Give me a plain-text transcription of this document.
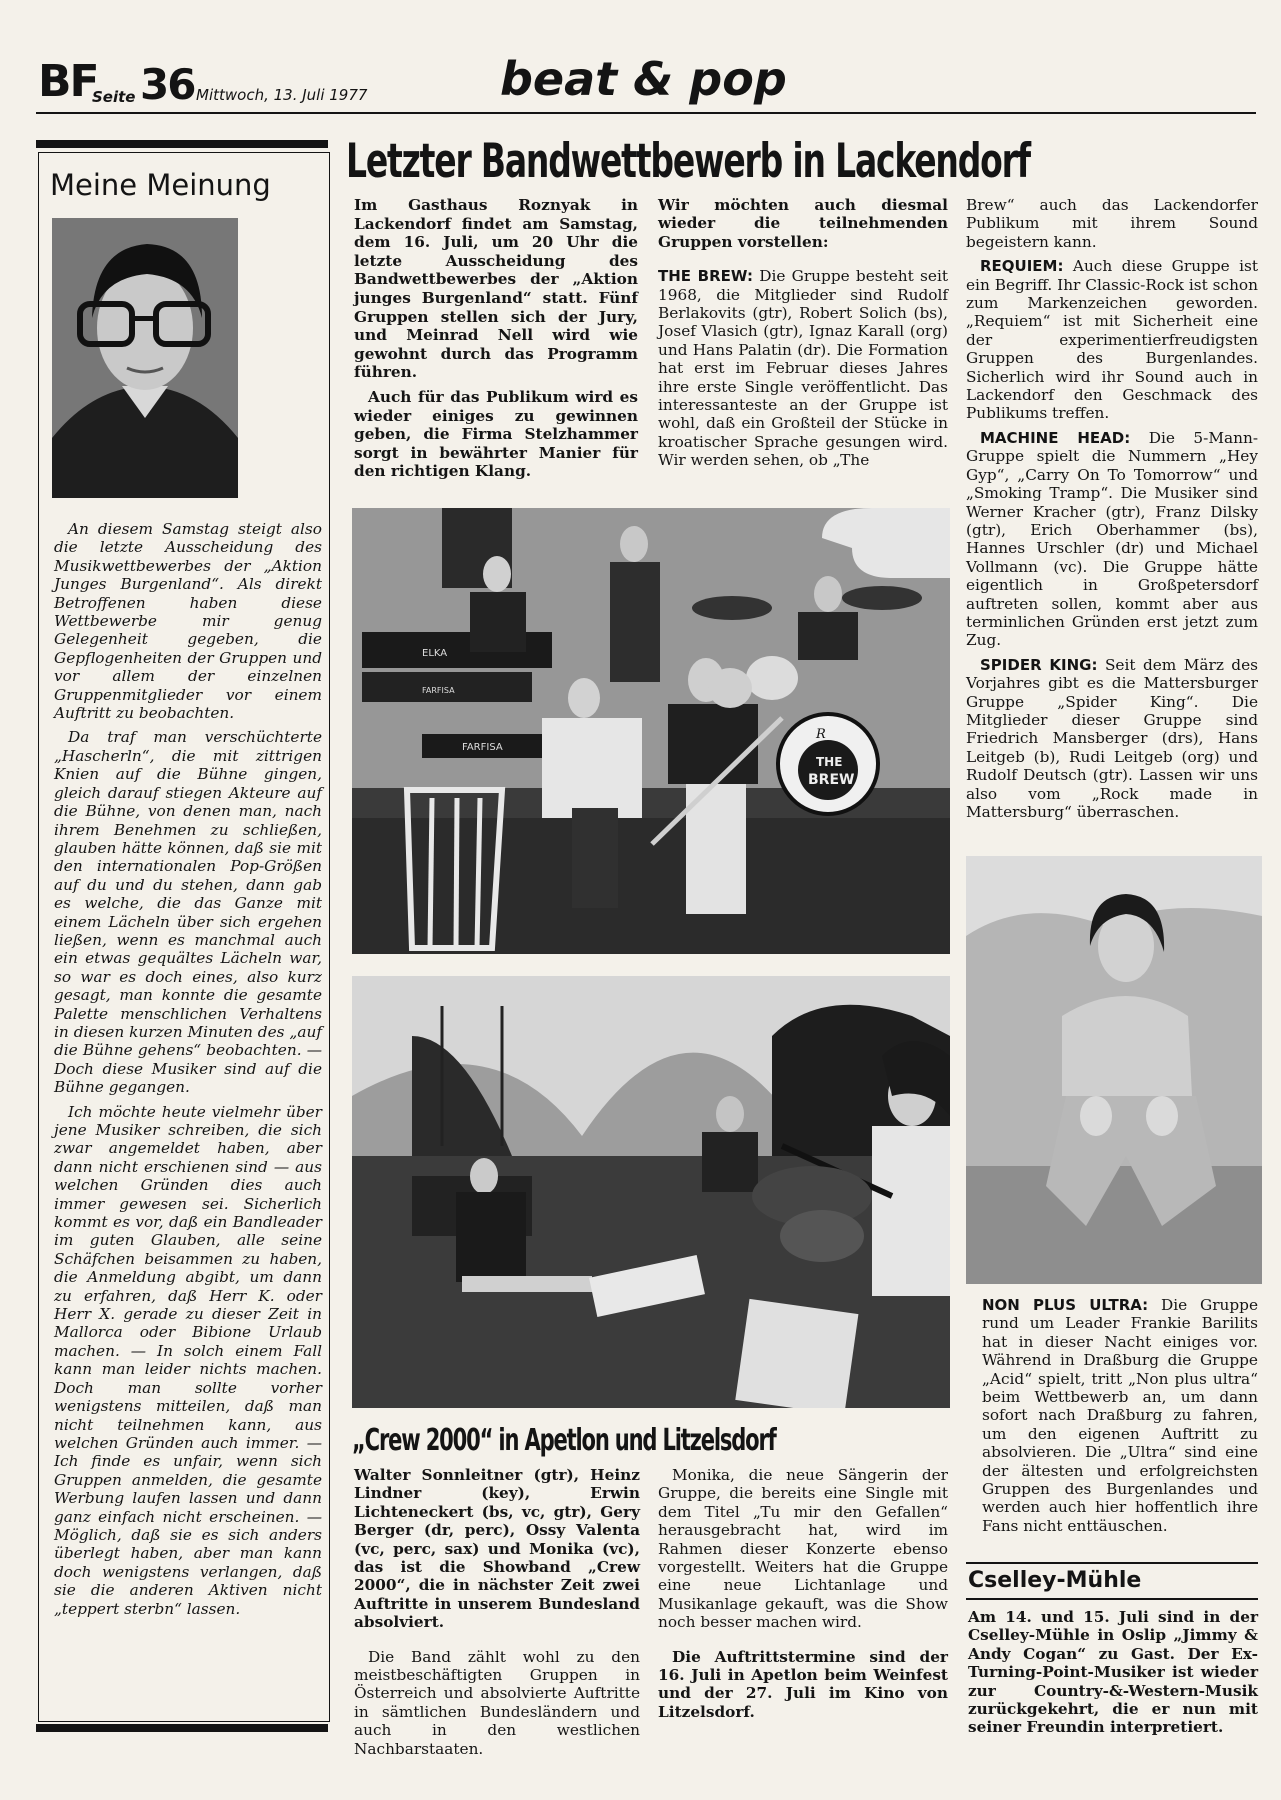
BF
Seite 36 Mittwoch, 13. Juli 1977	beat & pop
Meine Meinung

An diesem Samstag steigt also die letzte Ausscheidung des Musikwettbewerbes der „Aktion Junges Burgenland“. Als direkt Betroffenen haben diese Wettbewerbe mir genug Gelegenheit gegeben, die Gepflogenheiten der Gruppen und vor allem der einzelnen Gruppenmitglieder vor einem Auftritt zu beobachten.

Da traf man verschüchterte „Hascherln“, die mit zittrigen Knien auf die Bühne gingen, gleich darauf stiegen Akteure auf die Bühne, von denen man, nach ihrem Benehmen zu schließen, glauben hätte können, daß sie mit den internationalen Pop-Größen auf du und du stehen, dann gab es welche, die das Ganze mit einem Lächeln über sich ergehen ließen, wenn es manchmal auch ein etwas gequältes Lächeln war, so war es doch eines, also kurz gesagt, man konnte die gesamte Palette menschlichen Verhaltens in diesen kurzen Minuten des „auf die Bühne gehens“ beobachten. — Doch diese Musiker sind auf die Bühne gegangen.

Ich möchte heute vielmehr über jene Musiker schreiben, die sich zwar angemeldet haben, aber dann nicht erschienen sind — aus welchen Gründen dies auch immer gewesen sei. Sicherlich kommt es vor, daß ein Bandleader im guten Glauben, alle seine Schäfchen beisammen zu haben, die Anmeldung abgibt, um dann zu erfahren, daß Herr K. oder Herr X. gerade zu dieser Zeit in Mallorca oder Bibione Urlaub machen. — In solch einem Fall kann man leider nichts machen. Doch man sollte vorher wenigstens mitteilen, daß man nicht teilnehmen kann, aus welchen Gründen auch immer. — Ich finde es unfair, wenn sich Gruppen anmelden, die gesamte Werbung laufen lassen und dann ganz einfach nicht erscheinen. — Möglich, daß sie es sich anders überlegt haben, aber man kann doch wenigstens verlangen, daß sie die anderen Aktiven nicht „teppert sterbn“ lassen.

Letzter Bandwettbewerb in Lackendorf

Im Gasthaus Roznyak in Lackendorf findet am Samstag, dem 16. Juli, um 20 Uhr die letzte Ausscheidung des Bandwettbewerbes der „Aktion junges Burgenland“ statt. Fünf Gruppen stellen sich der Jury, und Meinrad Nell wird wie gewohnt durch das Programm führen.

Auch für das Publikum wird es wieder einiges zu gewinnen geben, die Firma Stelzhammer sorgt in bewährter Manier für den richtigen Klang.

Wir möchten auch diesmal wieder die teilnehmenden Gruppen vorstellen:

THE BREW: Die Gruppe besteht seit 1968, die Mitglieder sind Rudolf Berlakovits (gtr), Robert Solich (bs), Josef Vlasich (gtr), Ignaz Karall (org) und Hans Palatin (dr). Die Formation hat erst im Februar dieses Jahres ihre erste Single veröffentlicht. Das interessanteste an der Gruppe ist wohl, daß ein Großteil der Stücke in kroatischer Sprache gesungen wird. Wir werden sehen, ob „The

Brew“ auch das Lackendorfer Publikum mit ihrem Sound begeistern kann.

REQUIEM: Auch diese Gruppe ist ein Begriff. Ihr Classic-Rock ist schon zum Markenzeichen geworden. „Requiem“ ist mit Sicherheit eine der experimentierfreudigsten Gruppen des Burgenlandes. Sicherlich wird ihr Sound auch in Lackendorf den Geschmack des Publikums treffen.

MACHINE HEAD: Die 5-Mann-Gruppe spielt die Nummern „Hey Gyp“, „Carry On To Tomorrow“ und „Smoking Tramp“. Die Musiker sind Werner Kracher (gtr), Franz Dilsky (gtr), Erich Oberhammer (bs), Hannes Urschler (dr) und Michael Vollmann (vc). Die Gruppe hätte eigentlich in Großpetersdorf auftreten sollen, kommt aber aus terminlichen Gründen erst jetzt zum Zug.

SPIDER KING: Seit dem März des Vorjahres gibt es die Mattersburger Gruppe „Spider King“. Die Mitglieder dieser Gruppe sind Friedrich Mansberger (drs), Hans Leitgeb (b), Rudi Leitgeb (org) und Rudolf Deutsch (gtr). Lassen wir uns also vom „Rock made in Mattersburg“ überraschen.

ELKA
FARFISA
FARFISA
R
THE
BREW

NON PLUS ULTRA: Die Gruppe rund um Leader Frankie Barilits hat in dieser Nacht einiges vor. Während in Draßburg die Gruppe „Acid“ spielt, tritt „Non plus ultra“ beim Wettbewerb an, um dann sofort nach Draßburg zu fahren, um den eigenen Auftritt zu absolvieren. Die „Ultra“ sind eine der ältesten und erfolgreichsten Gruppen des Burgenlandes und werden auch hier hoffentlich ihre Fans nicht enttäuschen.

Cselley-Mühle
Am 14. und 15. Juli sind in der Cselley-Mühle in Oslip „Jimmy & Andy Cogan“ zu Gast. Der Ex-Turning-Point-Musiker ist wieder zur Country-&-Western-Musik zurückgekehrt, die er nun mit seiner Freundin interpretiert.
„Crew 2000“ in Apetlon und Litzelsdorf

Walter Sonnleitner (gtr), Heinz Lindner (key), Erwin Lichteneckert (bs, vc, gtr), Gery Berger (dr, perc), Ossy Valenta (vc, perc, sax) und Monika (vc), das ist die Showband „Crew 2000“, die in nächster Zeit zwei Auftritte in unserem Bundesland absolviert.

Die Band zählt wohl zu den meistbeschäftigten Gruppen in Österreich und absolvierte Auftritte in sämtlichen Bundesländern und auch in den westlichen Nachbarstaaten.

Monika, die neue Sängerin der Gruppe, die bereits eine Single mit dem Titel „Tu mir den Gefallen“ herausgebracht hat, wird im Rahmen dieser Konzerte ebenso vorgestellt. Weiters hat die Gruppe eine neue Lichtanlage und Musikanlage gekauft, was die Show noch besser machen wird.

Die Auftrittstermine sind der 16. Juli in Apetlon beim Weinfest und der 27. Juli im Kino von Litzelsdorf.
